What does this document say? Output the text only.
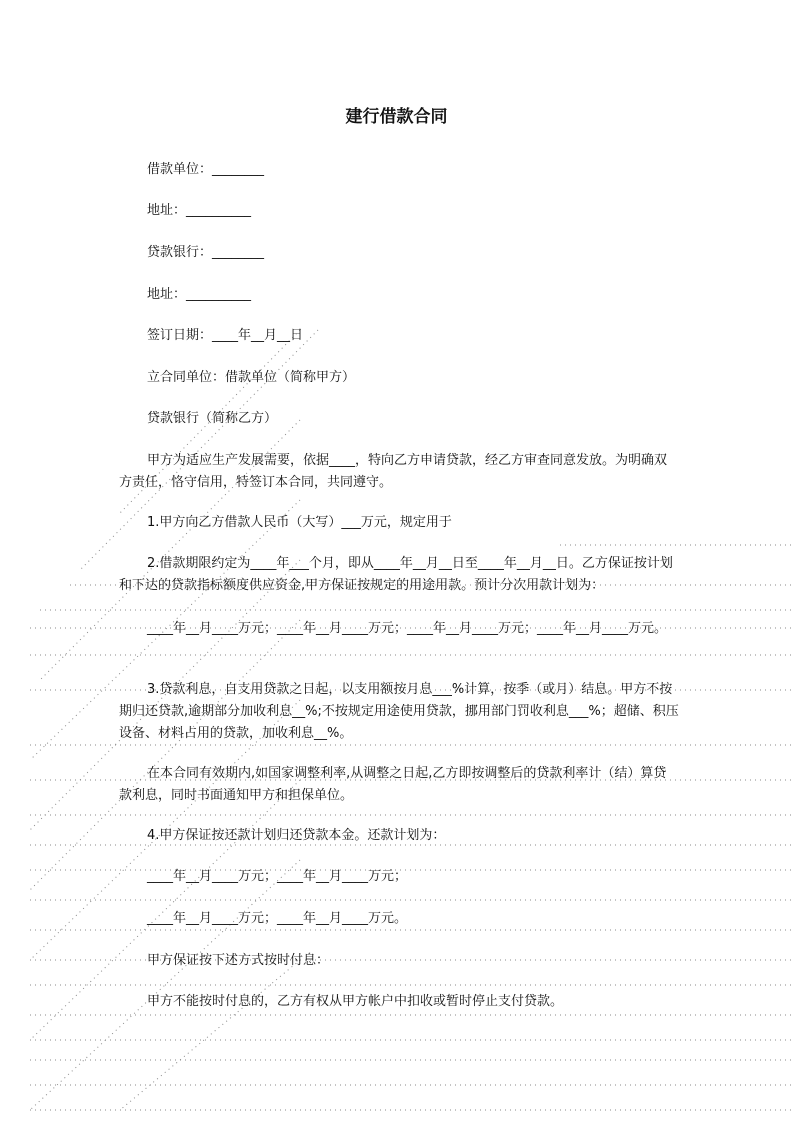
建行借款合同
借款单位：________
地址：__________
贷款银行：________
地址：__________
签订日期：____年__月__日
立合同单位：借款单位（简称甲方）
贷款银行（简称乙方）
甲方为适应生产发展需要，依据____，特向乙方申请贷款，经乙方审查同意发放。为明确双方责任，恪守信用，特签订本合同，共同遵守。
1.甲方向乙方借款人民币（大写）___万元，规定用于
2.借款期限约定为____年___个月，即从____年__月__日至____年__月__日。乙方保证按计划和下达的贷款指标额度供应资金,甲方保证按规定的用途用款。预计分次用款计划为：
____年__月____万元；____年__月____万元；____年__月____万元；____年__月____万元。
3.贷款利息，自支用贷款之日起，以支用额按月息___%计算，按季（或月）结息。甲方不按期归还贷款,逾期部分加收利息__%;不按规定用途使用贷款，挪用部门罚收利息___%；超储、积压设备、材料占用的贷款，加收利息__%。
在本合同有效期内,如国家调整利率,从调整之日起,乙方即按调整后的贷款利率计（结）算贷款利息，同时书面通知甲方和担保单位。
4.甲方保证按还款计划归还贷款本金。还款计划为：
____年__月____万元；____年__月____万元；
____年__月____万元；____年__月____万元。
甲方保证按下述方式按时付息：
甲方不能按时付息的，乙方有权从甲方帐户中扣收或暂时停止支付贷款。
